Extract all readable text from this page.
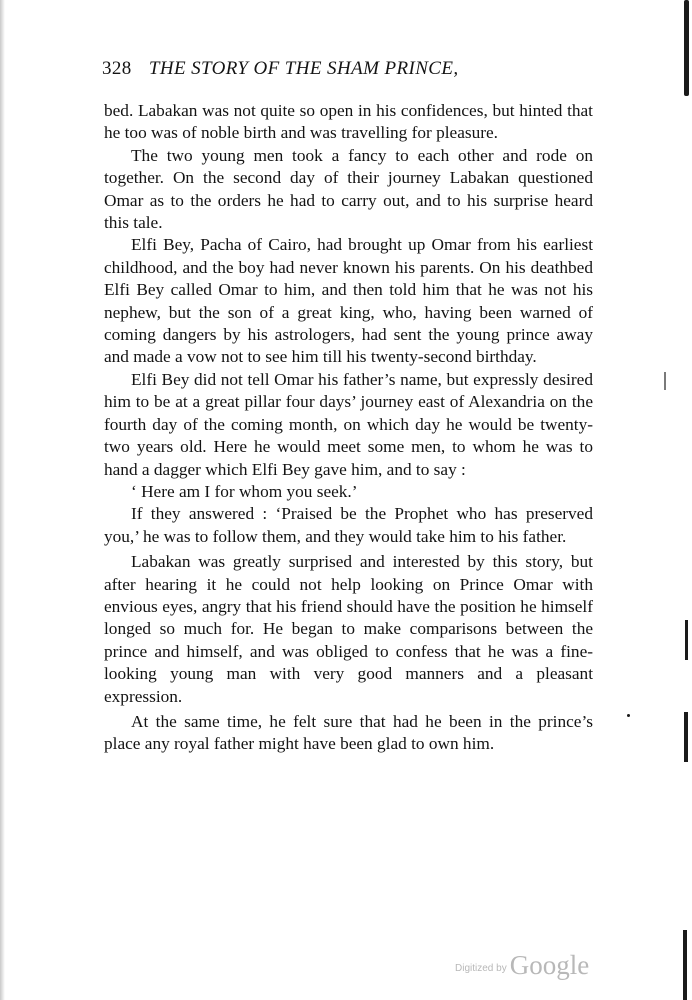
328 THE STORY OF THE SHAM PRINCE,

bed. Labakan was not quite so open in his confidences, but hinted that he too was of noble birth and was travelling for pleasure.

The two young men took a fancy to each other and rode on together. On the second day of their journey Labakan questioned Omar as to the orders he had to carry out, and to his surprise heard this tale.

Elfi Bey, Pacha of Cairo, had brought up Omar from his earliest childhood, and the boy had never known his parents. On his deathbed Elfi Bey called Omar to him, and then told him that he was not his nephew, but the son of a great king, who, having been warned of coming dangers by his astrologers, had sent the young prince away and made a vow not to see him till his twenty-second birthday.

Elfi Bey did not tell Omar his father’s name, but expressly desired him to be at a great pillar four days’ journey east of Alexandria on the fourth day of the coming month, on which day he would be twenty-two years old. Here he would meet some men, to whom he was to hand a dagger which Elfi Bey gave him, and to say :

‘ Here am I for whom you seek.’

If they answered : ‘Praised be the Prophet who has preserved you,’ he was to follow them, and they would take him to his father.

Labakan was greatly surprised and interested by this story, but after hearing it he could not help looking on Prince Omar with envious eyes, angry that his friend should have the position he himself longed so much for. He began to make comparisons between the prince and himself, and was obliged to confess that he was a fine-looking young man with very good manners and a pleasant expression.

At the same time, he felt sure that had he been in the prince’s place any royal father might have been glad to own him.

Digitized by Google
